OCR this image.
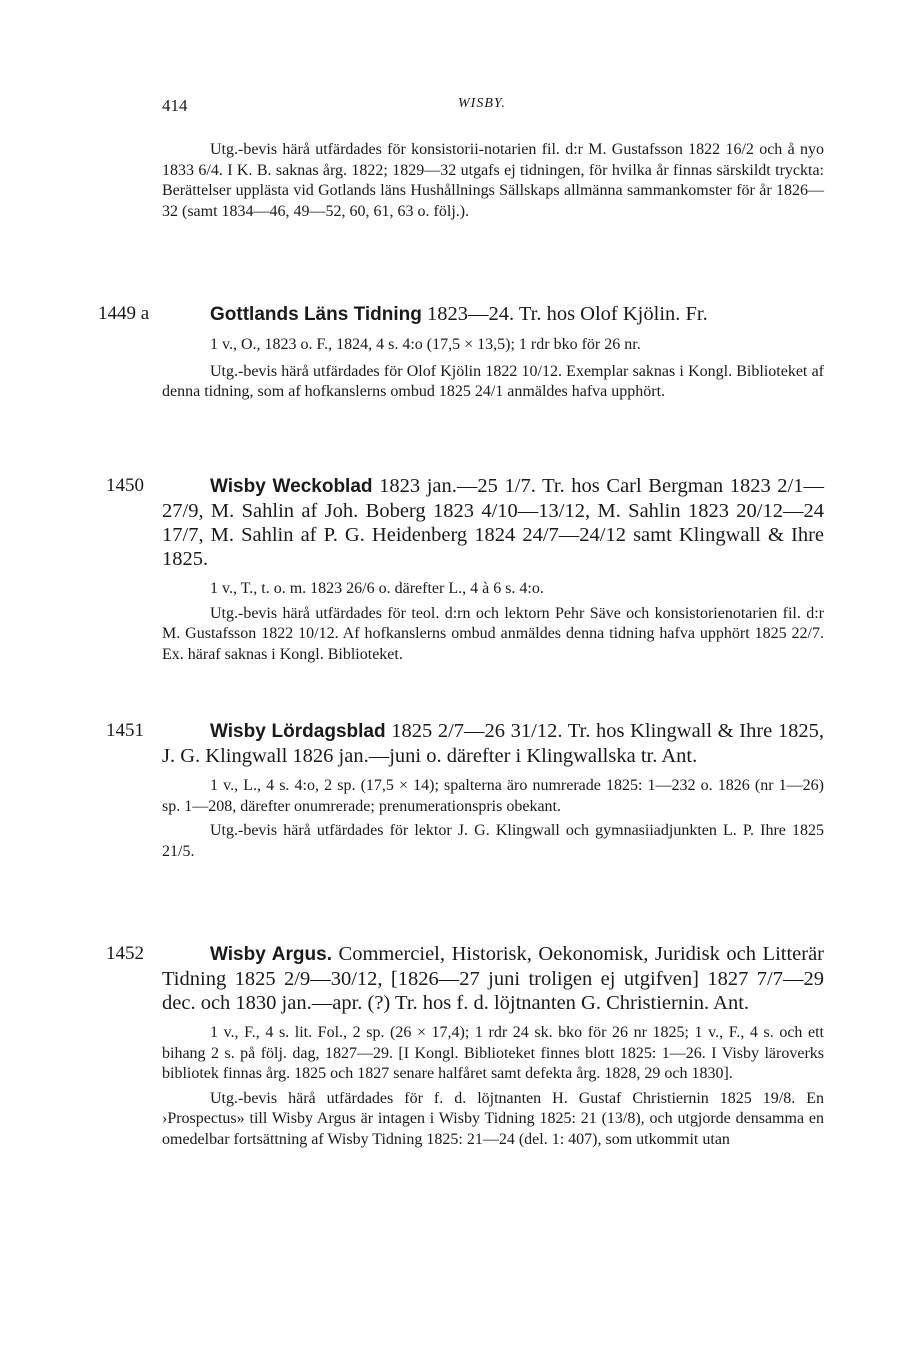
414	WISBY.

Utg.-bevis härå utfärdades för konsistorii-notarien fil. d:r M. Gustafsson 1822 16/2 och å nyo 1833 6/4. I K. B. saknas årg. 1822; 1829—32 utgafs ej tidningen, för hvilka år finnas särskildt tryckta: Berättelser upplästa vid Gotlands läns Hushållnings Sällskaps allmänna sammankomster för år 1826—32 (samt 1834—46, 49—52, 60, 61, 63 o. följ.).

1449 a	Gottlands Läns Tidning 1823—24. Tr. hos Olof Kjölin. Fr.

1 v., O., 1823 o. F., 1824, 4 s. 4:o (17,5 × 13,5); 1 rdr bko för 26 nr.

Utg.-bevis härå utfärdades för Olof Kjölin 1822 10/12. Exemplar saknas i Kongl. Biblioteket af denna tidning, som af hofkanslerns ombud 1825 24/1 anmäldes hafva upphört.

1450	Wisby Weckoblad 1823 jan.—25 1/7. Tr. hos Carl Bergman 1823 2/1—27/9, M. Sahlin af Joh. Boberg 1823 4/10—13/12, M. Sahlin 1823 20/12—24 17/7, M. Sahlin af P. G. Heidenberg 1824 24/7—24/12 samt Klingwall & Ihre 1825.

1 v., T., t. o. m. 1823 26/6 o. därefter L., 4 à 6 s. 4:o.

Utg.-bevis härå utfärdades för teol. d:rn och lektorn Pehr Säve och konsistorienotarien fil. d:r M. Gustafsson 1822 10/12. Af hofkanslerns ombud anmäldes denna tidning hafva upphört 1825 22/7. Ex. häraf saknas i Kongl. Biblioteket.

1451	Wisby Lördagsblad 1825 2/7—26 31/12. Tr. hos Klingwall & Ihre 1825, J. G. Klingwall 1826 jan.—juni o. därefter i Klingwallska tr. Ant.

1 v., L., 4 s. 4:o, 2 sp. (17,5 × 14); spalterna äro numrerade 1825: 1—232 o. 1826 (nr 1—26) sp. 1—208, därefter onumrerade; prenumerationspris obekant.

Utg.-bevis härå utfärdades för lektor J. G. Klingwall och gymnasiiadjunkten L. P. Ihre 1825 21/5.

1452	Wisby Argus. Commerciel, Historisk, Oekonomisk, Juridisk och Litterär Tidning 1825 2/9—30/12, [1826—27 juni troligen ej utgifven] 1827 7/7—29 dec. och 1830 jan.—apr. (?) Tr. hos f. d. löjtnanten G. Christiernin. Ant.

1 v., F., 4 s. lit. Fol., 2 sp. (26 × 17,4); 1 rdr 24 sk. bko för 26 nr 1825; 1 v., F., 4 s. och ett bihang 2 s. på följ. dag, 1827—29. [I Kongl. Biblioteket finnes blott 1825: 1—26. I Visby läroverks bibliotek finnas årg. 1825 och 1827 senare halfåret samt defekta årg. 1828, 29 och 1830].

Utg.-bevis härå utfärdades för f. d. löjtnanten H. Gustaf Christiernin 1825 19/8. En ›Prospectus» till Wisby Argus är intagen i Wisby Tidning 1825: 21 (13/8), och utgjorde densamma en omedelbar fortsättning af Wisby Tidning 1825: 21—24 (del. 1: 407), som utkommit utan
